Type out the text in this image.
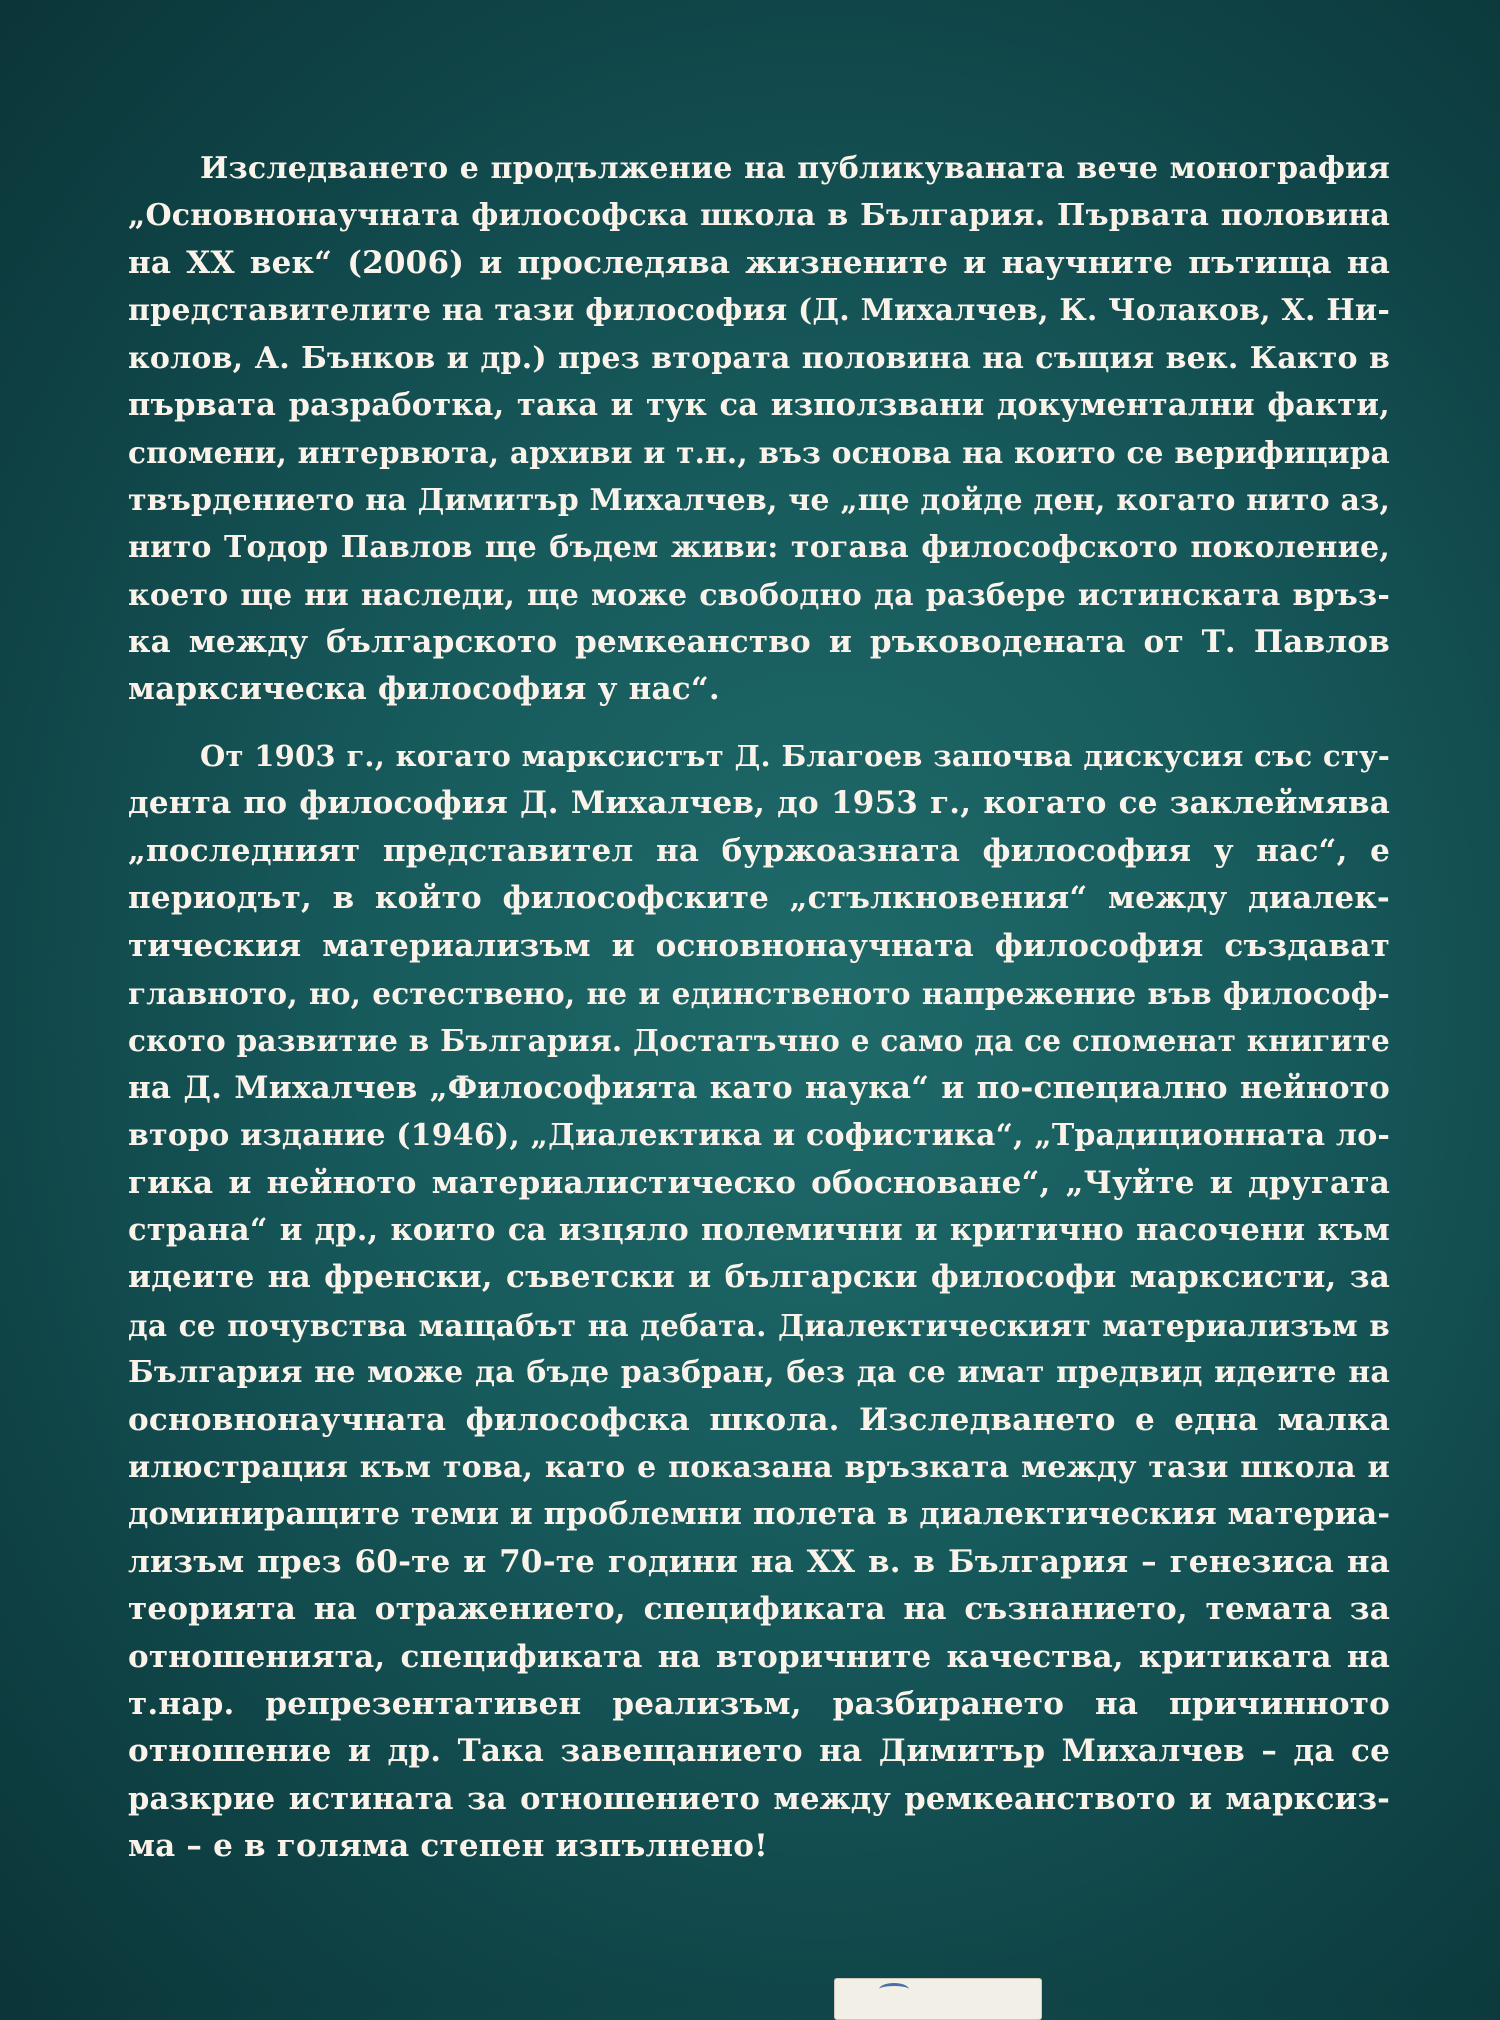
Изследването е продължение на публикуваната вече монография

„Основнонаучната философска школа в България. Първата половина

на XX век“ (2006) и проследява жизнените и научните пътища на

представителите на тази философия (Д. Михалчев, К. Чолаков, Х. Ни-

колов, А. Бънков и др.) през втората половина на същия век. Както в

първата разработка, така и тук са използвани документални факти,

спомени, интервюта, архиви и т.н., въз основа на които се верифицира

твърдението на Димитър Михалчев, че „ще дойде ден, когато нито аз,

нито Тодор Павлов ще бъдем живи: тогава философското поколение,

което ще ни наследи, ще може свободно да разбере истинската връз-

ка между българското ремкеанство и ръководената от Т. Павлов

марксическа философия у нас“.

От 1903 г., когато марксистът Д. Благоев започва дискусия със сту-

дента по философия Д. Михалчев, до 1953 г., когато се заклеймява

„последният представител на буржоазната философия у нас“, е

периодът, в който философските „стълкновения“ между диалек-

тическия материализъм и основнонаучната философия създават

главното, но, естествено, не и единственото напрежение във философ-

ското развитие в България. Достатъчно е само да се споменат книгите

на Д. Михалчев „Философията като наука“ и по-специално нейното

второ издание (1946), „Диалектика и софистика“, „Традиционната ло-

гика и нейното материалистическо обосноване“, „Чуйте и другата

страна“ и др., които са изцяло полемични и критично насочени към

идеите на френски, съветски и български философи марксисти, за

да се почувства мащабът на дебата. Диалектическият материализъм в

България не може да бъде разбран, без да се имат предвид идеите на

основнонаучната философска школа. Изследването е една малка

илюстрация към това, като е показана връзката между тази школа и

доминиращите теми и проблемни полета в диалектическия материа-

лизъм през 60-те и 70-те години на XX в. в България – генезиса на

теорията на отражението, спецификата на съзнанието, темата за

отношенията, спецификата на вторичните качества, критиката на

т.нар. репрезентативен реализъм, разбирането на причинното

отношение и др. Така завещанието на Димитър Михалчев – да се

разкрие истината за отношението между ремкеанството и марксиз-

ма – е в голяма степен изпълнено!
